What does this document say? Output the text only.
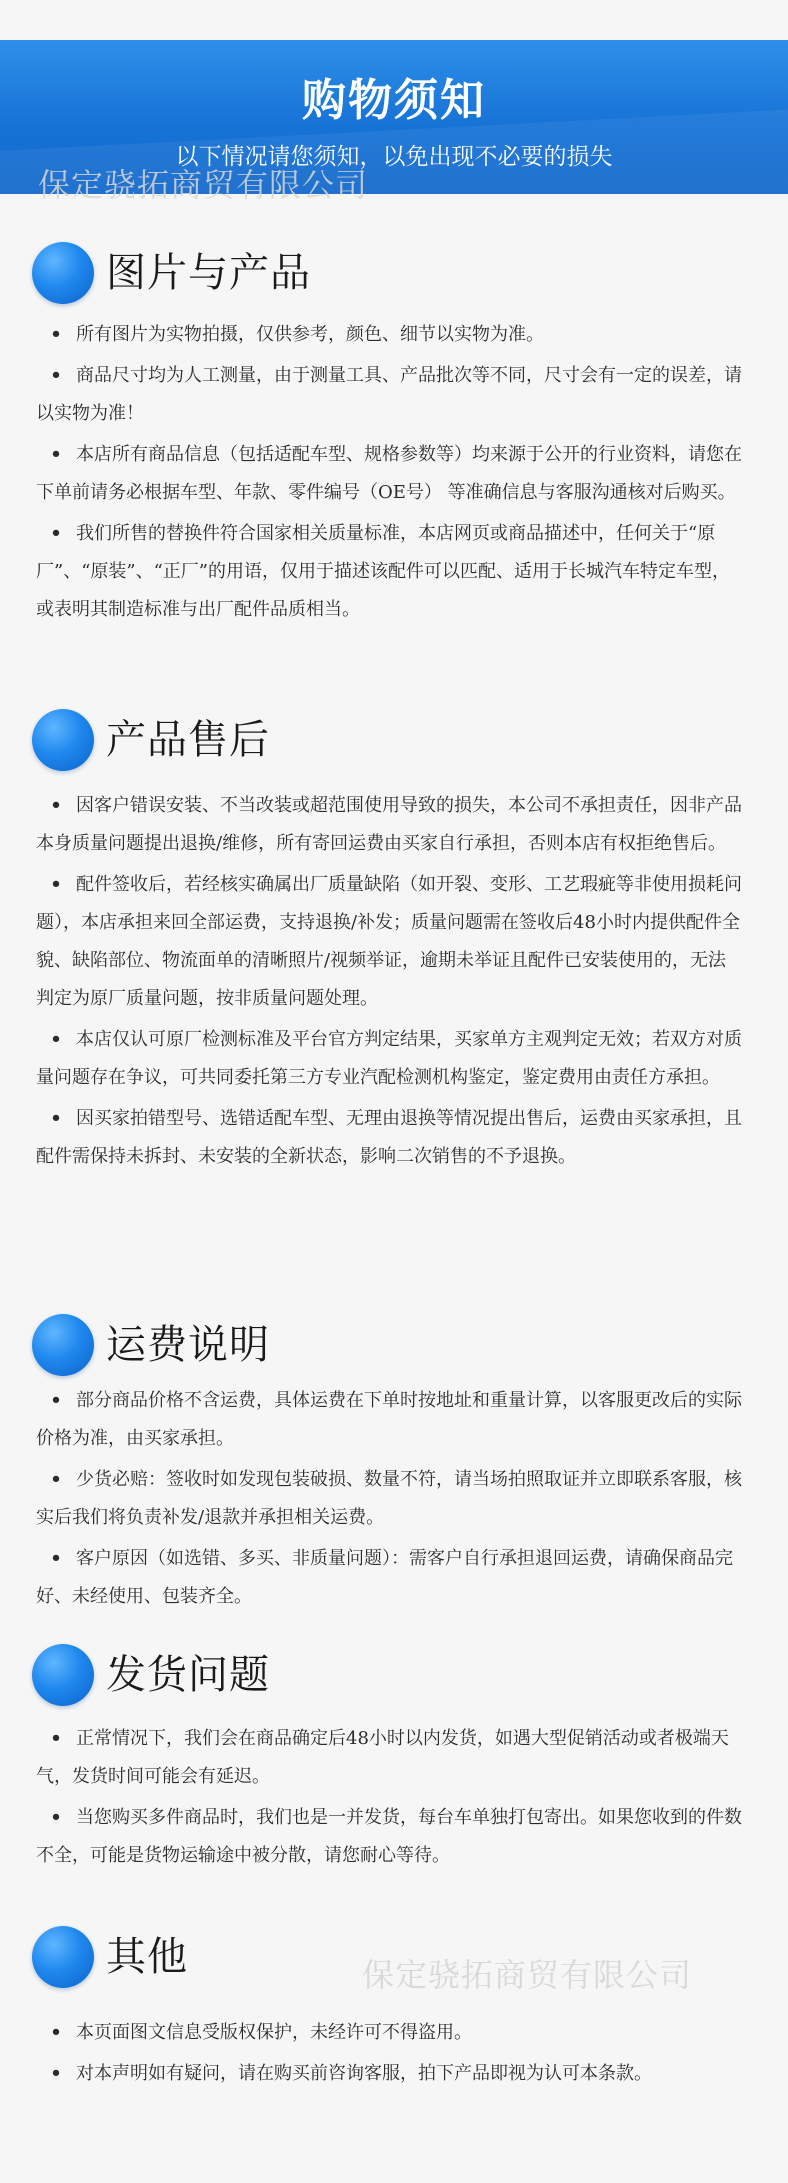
购物须知
以下情况请您须知，以免出现不必要的损失
保定骁拓商贸有限公司
图片与产品
• 所有图片为实物拍摄，仅供参考，颜色、细节以实物为准。
• 商品尺寸均为人工测量，由于测量工具、产品批次等不同，尺寸会有一定的误差，请以实物为准！
• 本店所有商品信息（包括适配车型、规格参数等）均来源于公开的行业资料，请您在下单前请务必根据车型、年款、零件编号（OE号） 等准确信息与客服沟通核对后购买。
• 我们所售的替换件符合国家相关质量标准，本店网页或商品描述中，任何关于“原厂”、“原装”、“正厂”的用语，仅用于描述该配件可以匹配、适用于长城汽车特定车型，或表明其制造标准与出厂配件品质相当。
产品售后
• 因客户错误安装、不当改装或超范围使用导致的损失，本公司不承担责任，因非产品本身质量问题提出退换/维修，所有寄回运费由买家自行承担，否则本店有权拒绝售后。
• 配件签收后，若经核实确属出厂质量缺陷（如开裂、变形、工艺瑕疵等非使用损耗问题），本店承担来回全部运费，支持退换/补发；质量问题需在签收后48小时内提供配件全貌、缺陷部位、物流面单的清晰照片/视频举证，逾期未举证且配件已安装使用的，无法判定为原厂质量问题，按非质量问题处理。
• 本店仅认可原厂检测标准及平台官方判定结果，买家单方主观判定无效；若双方对质量问题存在争议，可共同委托第三方专业汽配检测机构鉴定，鉴定费用由责任方承担。
• 因买家拍错型号、选错适配车型、无理由退换等情况提出售后，运费由买家承担，且配件需保持未拆封、未安装的全新状态，影响二次销售的不予退换。
运费说明
• 部分商品价格不含运费，具体运费在下单时按地址和重量计算，以客服更改后的实际价格为准，由买家承担。
• 少货必赔：签收时如发现包装破损、数量不符，请当场拍照取证并立即联系客服，核实后我们将负责补发/退款并承担相关运费。
• 客户原因（如选错、多买、非质量问题）：需客户自行承担退回运费，请确保商品完好、未经使用、包装齐全。
发货问题
• 正常情况下，我们会在商品确定后48小时以内发货，如遇大型促销活动或者极端天气，发货时间可能会有延迟。
• 当您购买多件商品时，我们也是一并发货，每台车单独打包寄出。如果您收到的件数不全，可能是货物运输途中被分散，请您耐心等待。
其他
• 本页面图文信息受版权保护，未经许可不得盗用。
• 对本声明如有疑问，请在购买前咨询客服，拍下产品即视为认可本条款。
保定骁拓商贸有限公司
